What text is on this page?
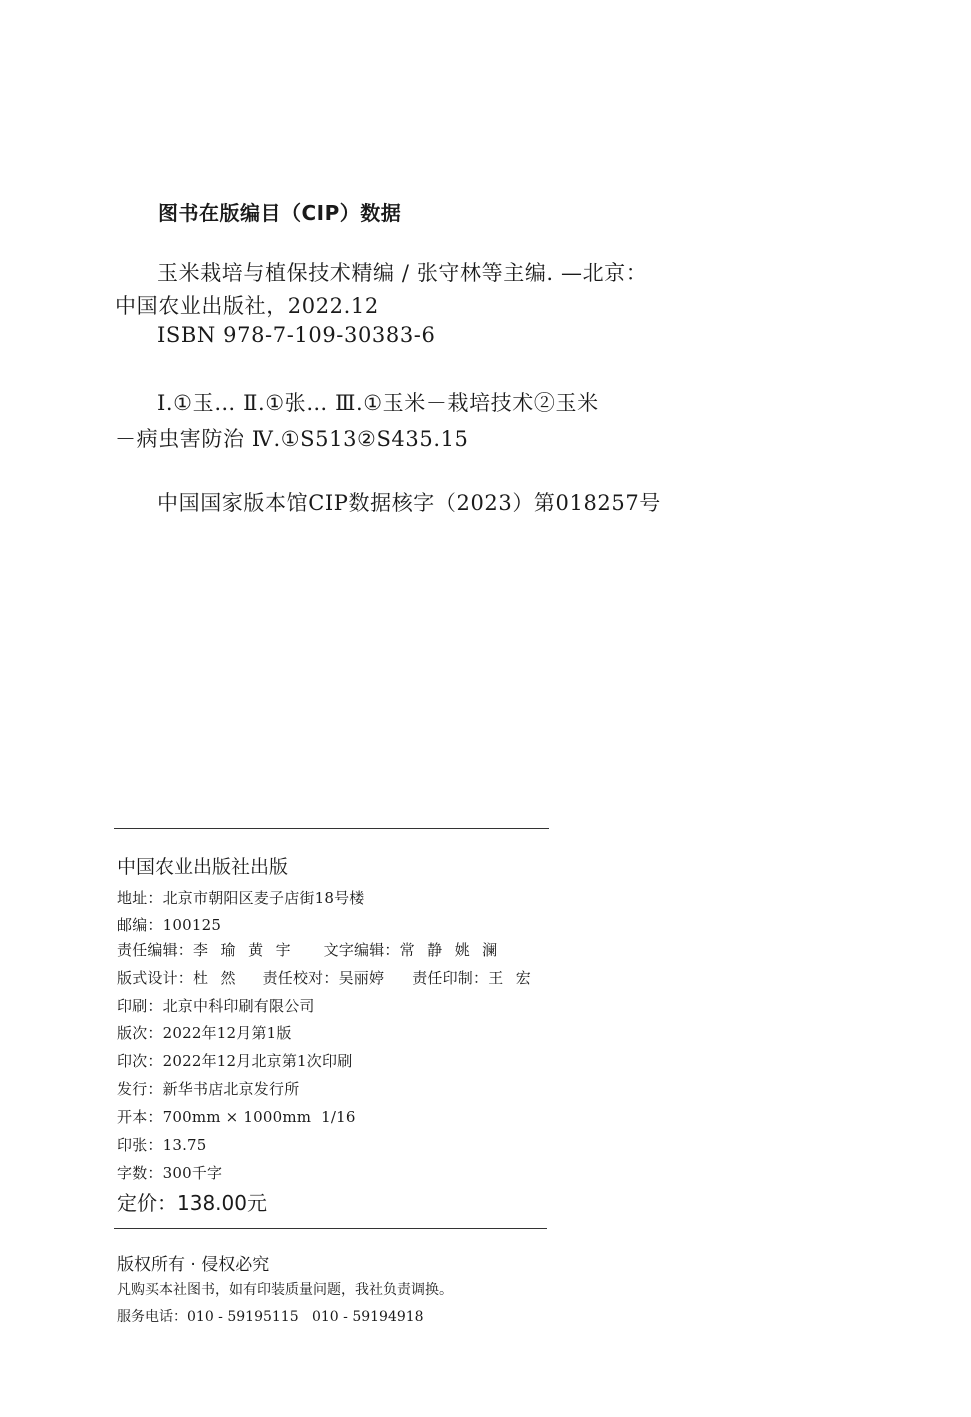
图书在版编目（CIP）数据
玉米栽培与植保技术精编 / 张守林等主编. —北京：
中国农业出版社，2022.12
ISBN 978-7-109-30383-6
Ⅰ.①玉… Ⅱ.①张… Ⅲ.①玉米－栽培技术②玉米
－病虫害防治 Ⅳ.①S513②S435.15
中国国家版本馆CIP数据核字（2023）第018257号
中国农业出版社出版
地址：北京市朝阳区麦子店街18号楼
邮编：100125
责任编辑：李  瑜  黄  宇 文字编辑：常  静  姚  澜
版式设计：杜  然 责任校对：吴丽婷 责任印制：王  宏
印刷：北京中科印刷有限公司
版次：2022年12月第1版
印次：2022年12月北京第1次印刷
发行：新华书店北京发行所
开本：700mm × 1000mm  1/16
印张：13.75
字数：300千字
定价：138.00元
版权所有 · 侵权必究
凡购买本社图书，如有印装质量问题，我社负责调换。
服务电话：010 - 59195115   010 - 59194918
